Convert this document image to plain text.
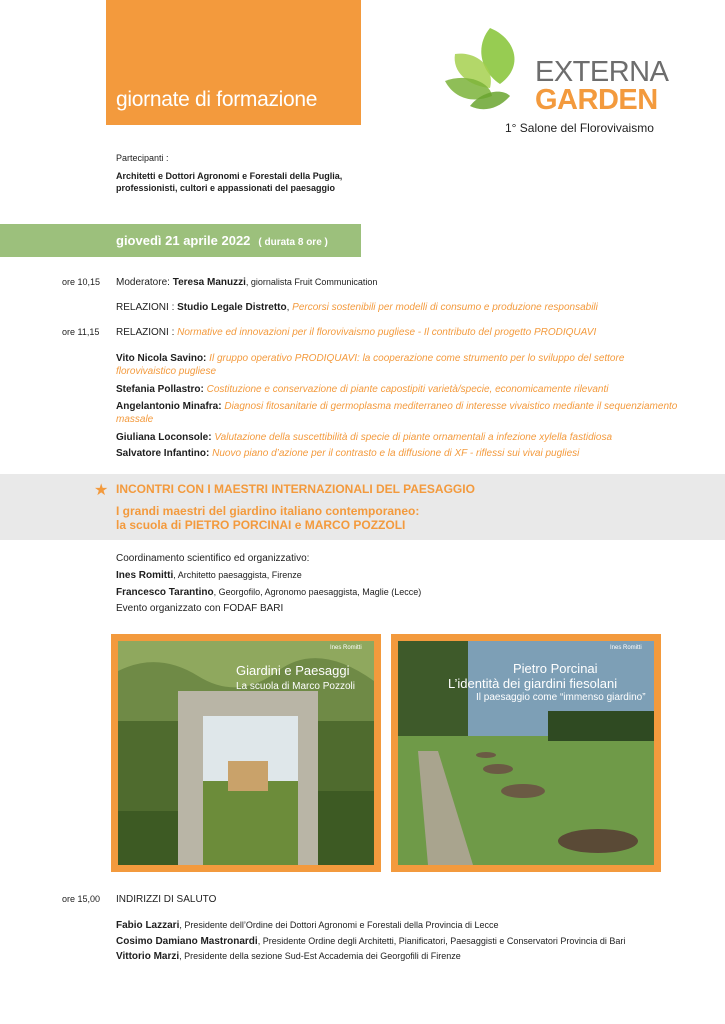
giornate di formazione
EXTERNA
GARDEN
1° Salone del Florovivaismo
Partecipanti :
Architetti e Dottori Agronomi e Forestali della Puglia, professionisti, cultori e appassionati del paesaggio
giovedì 21 aprile 2022 ( durata 8 ore )
ore 10,15 Moderatore: Teresa Manuzzi, giornalista Fruit Communication
RELAZIONI : Studio Legale Distretto, Percorsi sostenibili per modelli di consumo e produzione responsabili
ore 11,15 RELAZIONI : Normative ed innovazioni per il florovivaismo pugliese - Il contributo del progetto PRODIQUAVI
Vito Nicola Savino: Il gruppo operativo PRODIQUAVI: la cooperazione come strumento per lo sviluppo del settore florovivaistico pugliese
Stefania Pollastro: Costituzione e conservazione di piante capostipiti varietà/specie, economicamente rilevanti
Angelantonio Minafra: Diagnosi fitosanitarie di germoplasma mediterraneo di interesse vivaistico mediante il sequenziamento massale
Giuliana Loconsole: Valutazione della suscettibilità di specie di piante ornamentali a infezione xylella fastidiosa
Salvatore Infantino: Nuovo piano d’azione per il contrasto e la diffusione di XF - riflessi sui vivai pugliesi
★ INCONTRI CON I MAESTRI INTERNAZIONALI DEL PAESAGGIO
I grandi maestri del giardino italiano contemporaneo:
la scuola di PIETRO PORCINAI e MARCO POZZOLI
Coordinamento scientifico ed organizzativo:
Ines Romitti, Architetto paesaggista, Firenze
Francesco Tarantino, Georgofilo, Agronomo paesaggista, Maglie (Lecce)
Evento organizzato con FODAF BARI
Ines Romitti
Giardini e Paesaggi
La scuola di Marco Pozzoli
Ines Romitti
Pietro Porcinai
L’identità dei giardini fiesolani
Il paesaggio come “immenso giardino”
ore 15,00 INDIRIZZI DI SALUTO
Fabio Lazzari, Presidente dell’Ordine dei Dottori Agronomi e Forestali della Provincia di Lecce
Cosimo Damiano Mastronardi, Presidente Ordine degli Architetti, Pianificatori, Paesaggisti e Conservatori Provincia di Bari
Vittorio Marzi, Presidente della sezione Sud-Est Accademia dei Georgofili di Firenze
